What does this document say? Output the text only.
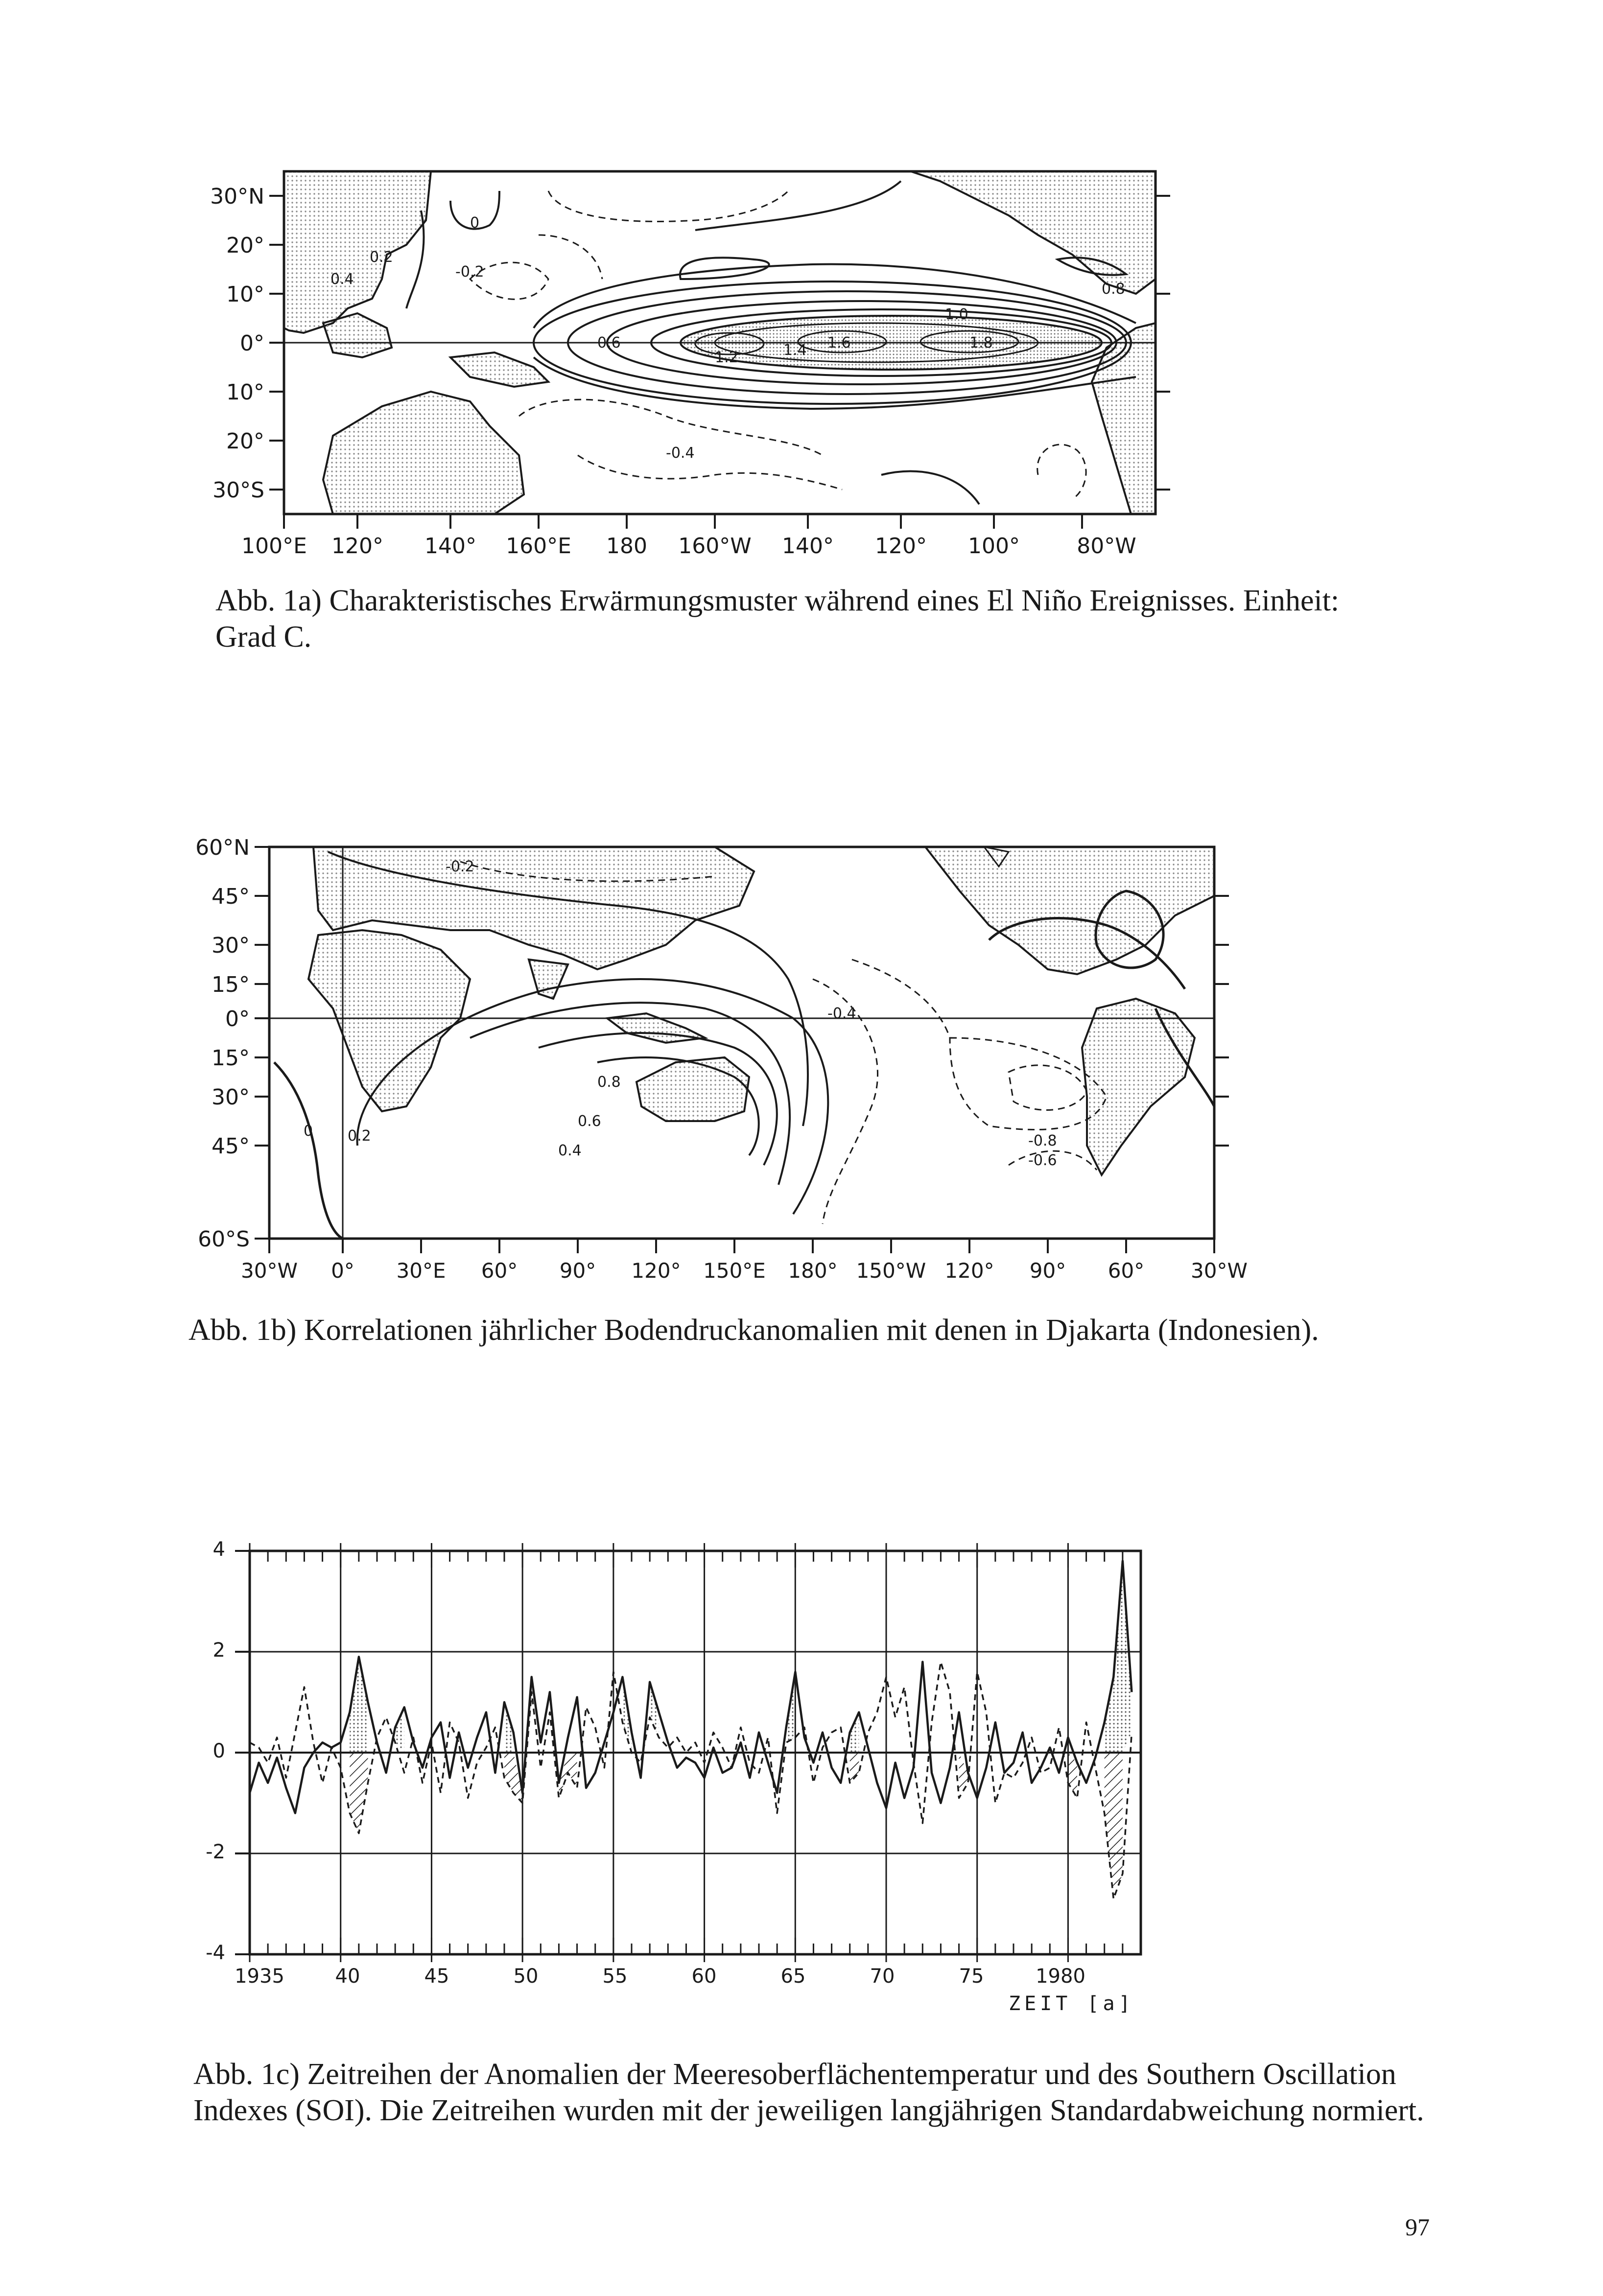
30°N
20°
10°
0°
10°
20°
30°S
100°E 120° 140° 160°E 180 160°W 140° 120° 100°	80°W
0
0.2
0.4
0.6
0.8
1.0
1.2	1.4 1.6	1.8
-0.2
-0.4

Abb. 1a) Charakteristisches Erwärmungsmuster während eines El Niño Ereignisses. Einheit: Grad C.

60°N
45°
30°
15°
0°
15°
30°
45°
60°S
30°W 0° 30°E 60° 90° 120° 150°E 180° 150°W 120° 90° 60° 30°W
-0.2
0 0.2
0.4
0.6
0.8
-0.4
-0.8
-0.6

Abb. 1b) Korrelationen jährlicher Bodendruckanomalien mit denen in Djakarta (Indonesien).

4
2
0
-2
-4
1935	40	45	50	55	60	65	70	75	1980
ZEIT [a]

Abb. 1c) Zeitreihen der Anomalien der Meeresoberflächentemperatur und des Southern Oscillation Indexes (SOI). Die Zeitreihen wurden mit der jeweiligen langjährigen Standardabweichung normiert.

97
